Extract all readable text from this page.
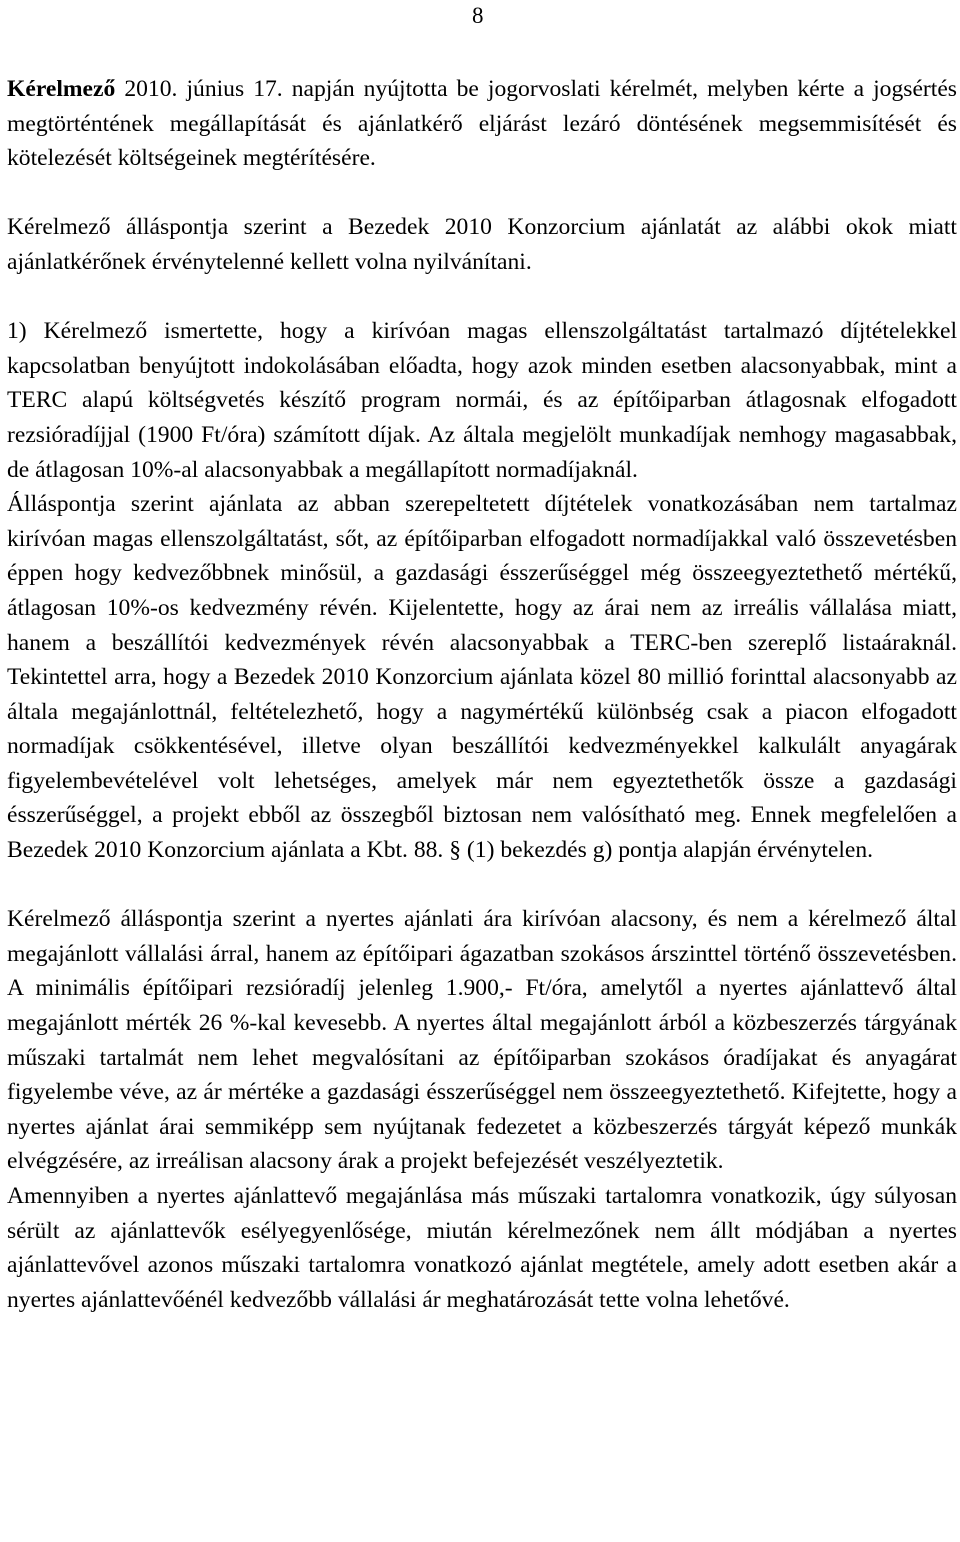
8

Kérelmező 2010. június 17. napján nyújtotta be jogorvoslati kérelmét, melyben kérte a jogsértés megtörténtének megállapítását és ajánlatkérő eljárást lezáró döntésének megsemmisítését és kötelezését költségeinek megtérítésére.

Kérelmező álláspontja szerint a Bezedek 2010 Konzorcium ajánlatát az alábbi okok miatt ajánlatkérőnek érvénytelenné kellett volna nyilvánítani.

1) Kérelmező ismertette, hogy a kirívóan magas ellenszolgáltatást tartalmazó díjtételekkel kapcsolatban benyújtott indokolásában előadta, hogy azok minden esetben alacsonyabbak, mint a TERC alapú költségvetés készítő program normái, és az építőiparban átlagosnak elfogadott rezsióradíjjal (1900 Ft/óra) számított díjak. Az általa megjelölt munkadíjak nemhogy magasabbak, de átlagosan 10%-al alacsonyabbak a megállapított normadíjaknál.

Álláspontja szerint ajánlata az abban szerepeltetett díjtételek vonatkozásában nem tartalmaz kirívóan magas ellenszolgáltatást, sőt, az építőiparban elfogadott normadíjakkal való összevetésben éppen hogy kedvezőbbnek minősül, a gazdasági ésszerűséggel még összeegyeztethető mértékű, átlagosan 10%-os kedvezmény révén. Kijelentette, hogy az árai nem az irreális vállalása miatt, hanem a beszállítói kedvezmények révén alacsonyabbak a TERC-ben szereplő listaáraknál. Tekintettel arra, hogy a Bezedek 2010 Konzorcium ajánlata közel 80 millió forinttal alacsonyabb az általa megajánlottnál, feltételezhető, hogy a nagymértékű különbség csak a piacon elfogadott normadíjak csökkentésével, illetve olyan beszállítói kedvezményekkel kalkulált anyagárak figyelembevételével volt lehetséges, amelyek már nem egyeztethetők össze a gazdasági ésszerűséggel, a projekt ebből az összegből biztosan nem valósítható meg. Ennek megfelelően a Bezedek 2010 Konzorcium ajánlata a Kbt. 88. § (1) bekezdés g) pontja alapján érvénytelen.

Kérelmező álláspontja szerint a nyertes ajánlati ára kirívóan alacsony, és nem a kérelmező által megajánlott vállalási árral, hanem az építőipari ágazatban szokásos árszinttel történő összevetésben. A minimális építőipari rezsióradíj jelenleg 1.900,- Ft/óra, amelytől a nyertes ajánlattevő által megajánlott mérték 26 %-kal kevesebb. A nyertes által megajánlott árból a közbeszerzés tárgyának műszaki tartalmát nem lehet megvalósítani az építőiparban szokásos óradíjakat és anyagárat figyelembe véve, az ár mértéke a gazdasági ésszerűséggel nem összeegyeztethető. Kifejtette, hogy a nyertes ajánlat árai semmiképp sem nyújtanak fedezetet a közbeszerzés tárgyát képező munkák elvégzésére, az irreálisan alacsony árak a projekt befejezését veszélyeztetik.

Amennyiben a nyertes ajánlattevő megajánlása más műszaki tartalomra vonatkozik, úgy súlyosan sérült az ajánlattevők esélyegyenlősége, miután kérelmezőnek nem állt módjában a nyertes ajánlattevővel azonos műszaki tartalomra vonatkozó ajánlat megtétele, amely adott esetben akár a nyertes ajánlattevőénél kedvezőbb vállalási ár meghatározását tette volna lehetővé.
